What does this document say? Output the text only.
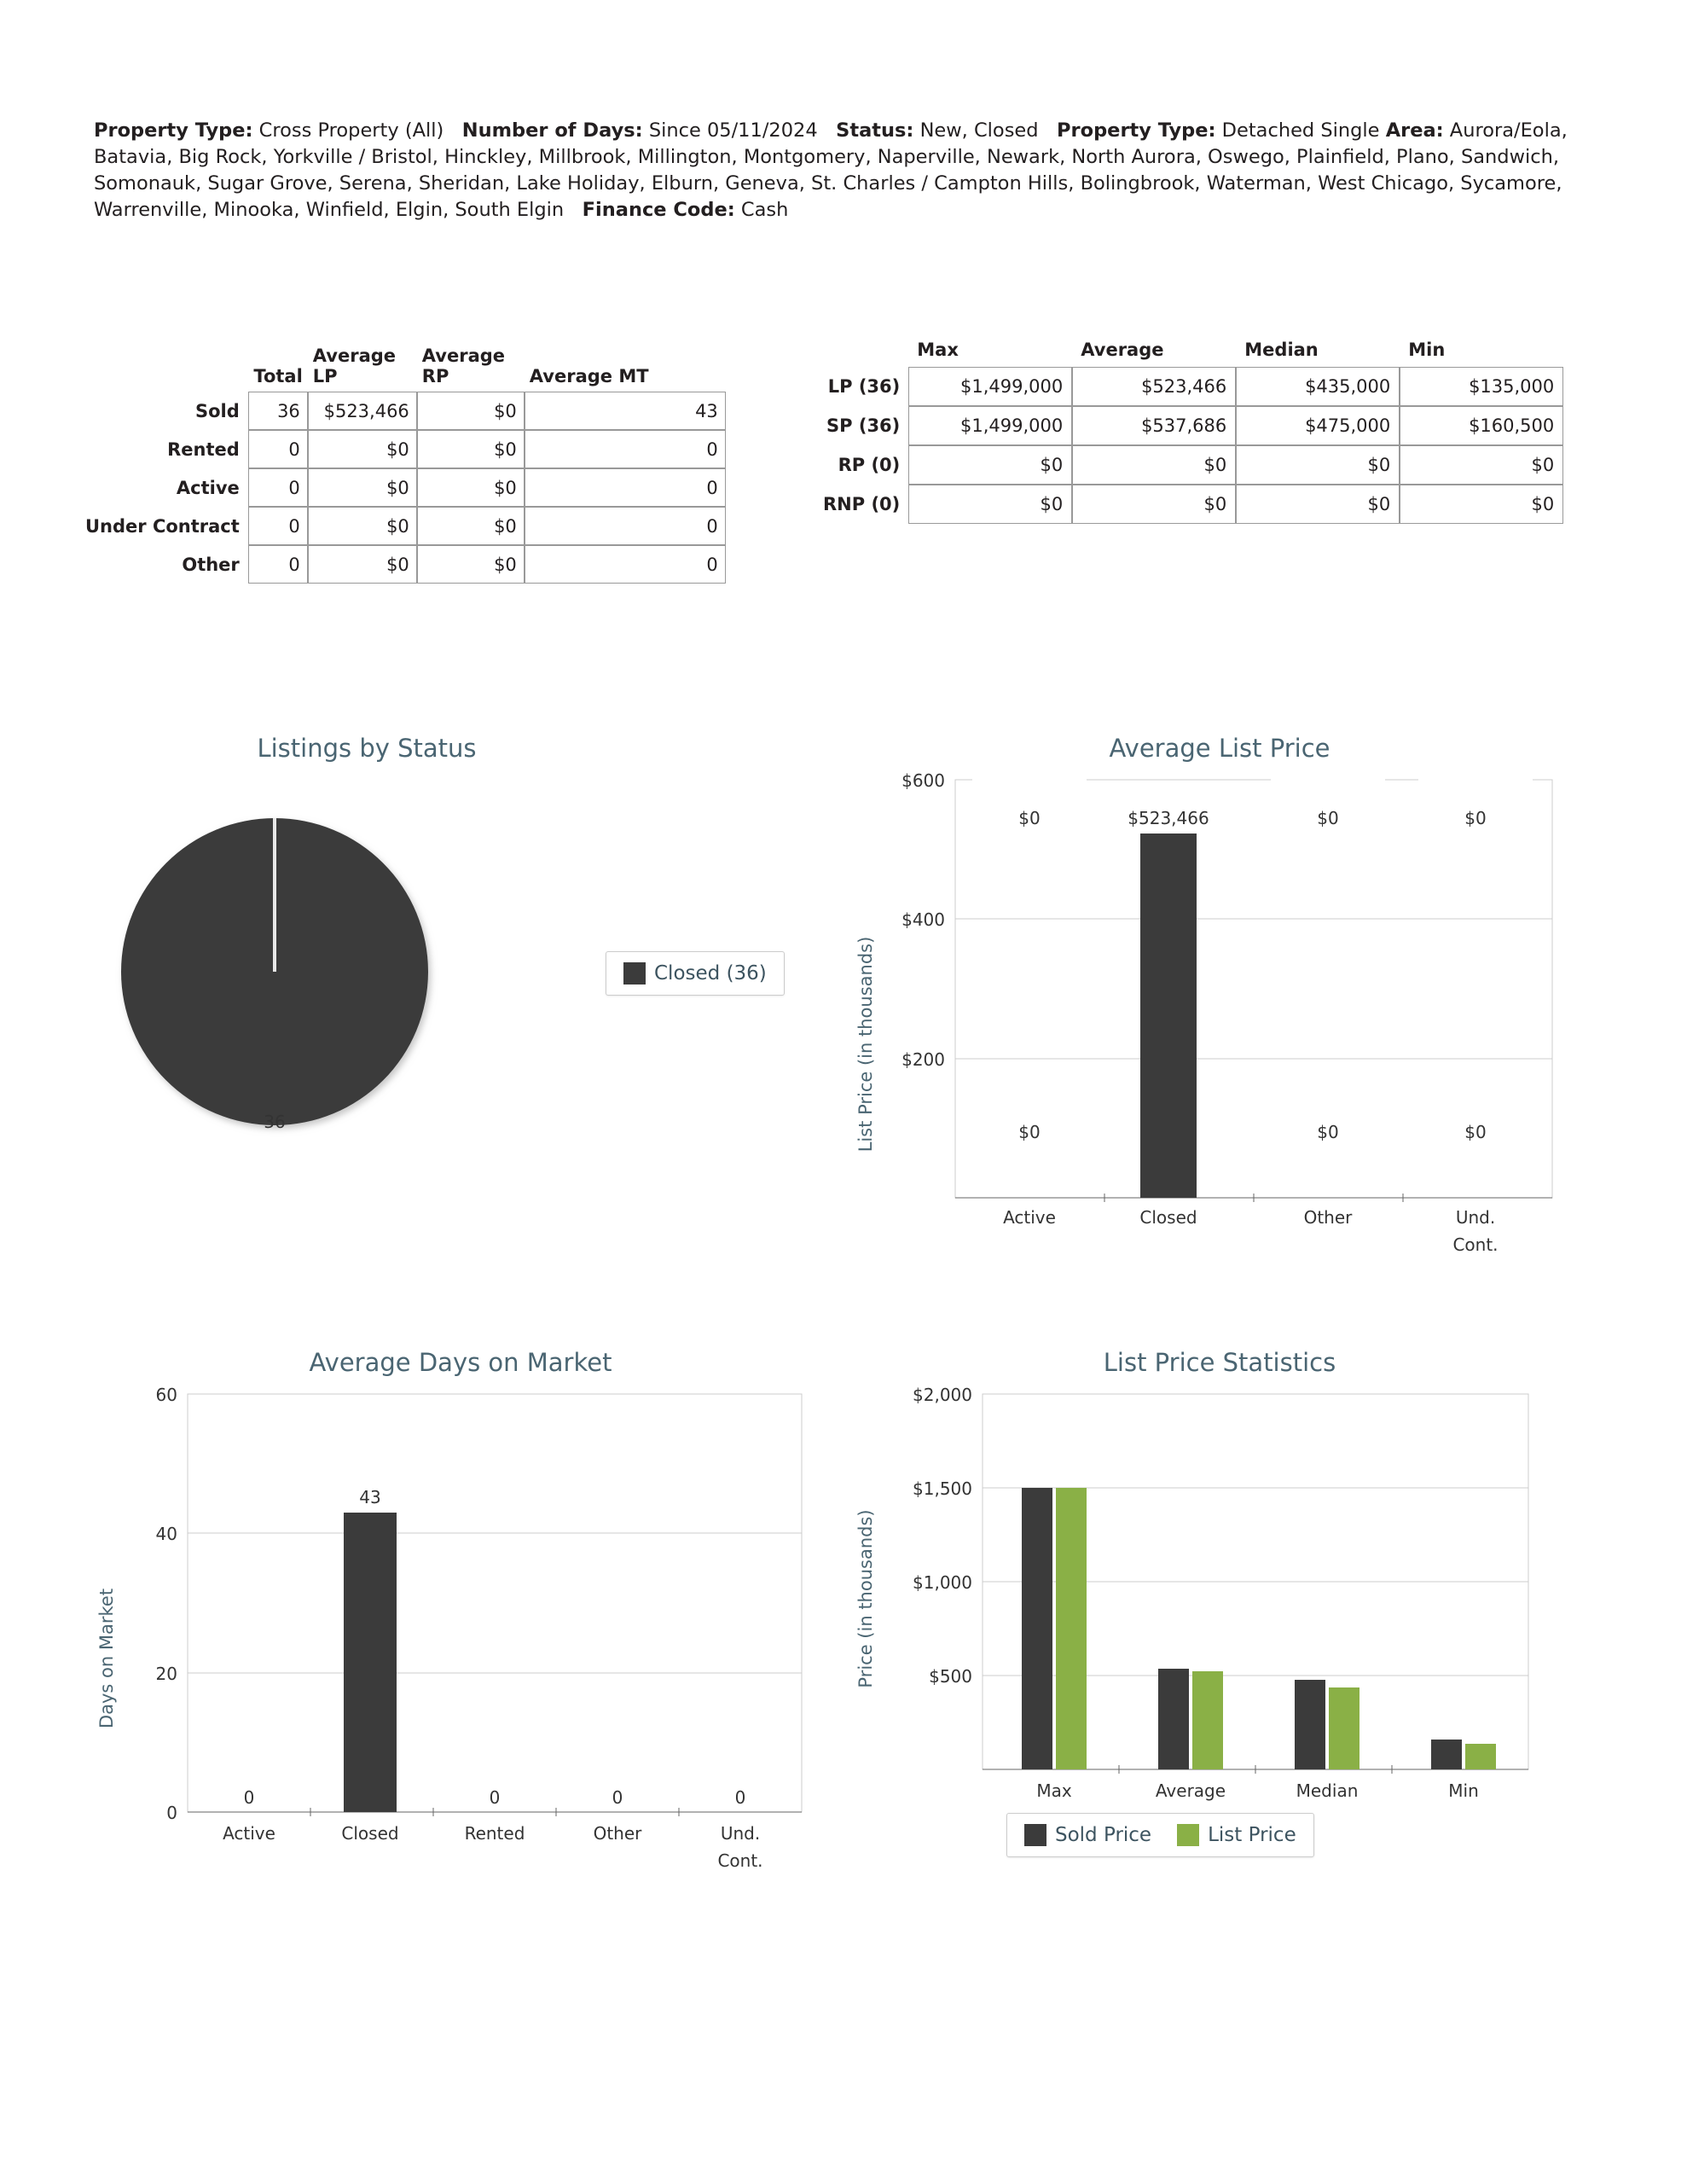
Property Type: Cross Property (All) Number of Days: Since 05/11/2024 Status: New, Closed Property Type: Detached Single Area: Aurora/Eola, Batavia, Big Rock, Yorkville / Bristol, Hinckley, Millbrook, Millington, Montgomery, Naperville, Newark, North Aurora, Oswego, Plainfield, Plano, Sandwich, Somonauk, Sugar Grove, Serena, Sheridan, Lake Holiday, Elburn, Geneva, St. Charles / Campton Hills, Bolingbrook, Waterman, West Chicago, Sycamore, Warrenville, Minooka, Winfield, Elgin, South Elgin Finance Code: Cash
	Total	Average LP	Average RP	Average MT
Sold	36	$523,466	$0	43
Rented	0	$0	$0	0
Active	0	$0	$0	0
Under Contract	0	$0	$0	0
Other	0	$0	$0	0
	Max	Average	Median	Min
LP (36)	$1,499,000	$523,466	$435,000	$135,000
SP (36)	$1,499,000	$537,686	$475,000	$160,500
RP (0)	$0	$0	$0	$0
RNP (0)	$0	$0	$0	$0
Listings by Status
36
Closed (36)
Average List Price
List Price (in thousands)
$600
$400
$200
$0	$523,466	$0	$0
Active	Closed	Other	Und.
Cont.
$0	$0	$0
Average Days on Market
Days on Market
60
40
20
0
43
0	0	0	0
Active	Closed	Rented	Other	Und.
Cont.
List Price Statistics
Price (in thousands)
$2,000
$1,500
$1,000
$500
Max	Average	Median	Min
Sold Price	List Price
